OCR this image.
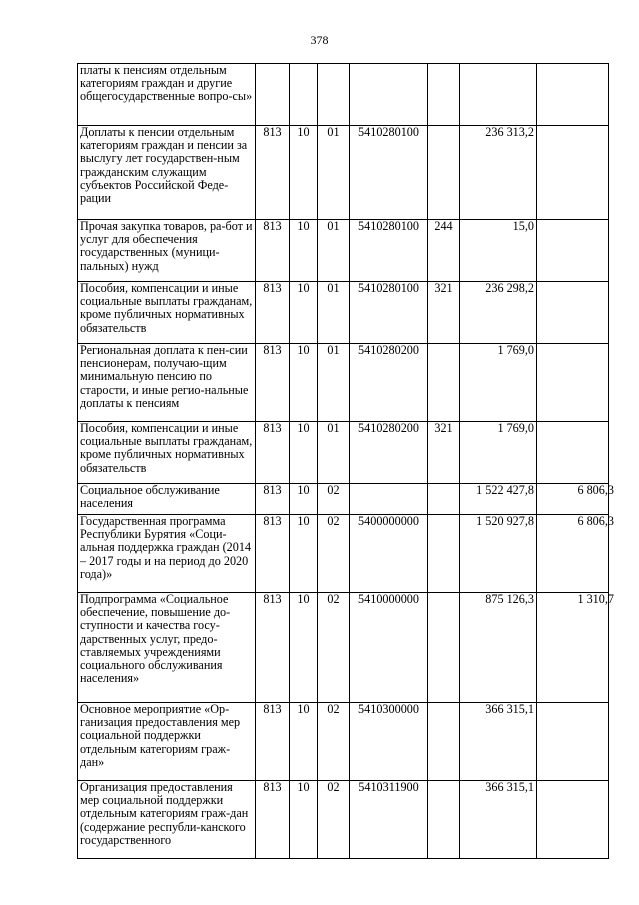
378
платы к пенсиям отдельным категориям граждан и другие общегосударственные вопро-сы»							
Доплаты к пенсии отдельным категориям граждан и пенсии за выслугу лет государствен-ным гражданским служащим субъектов Российской Феде-рации	813	10	01	5410280100		236 313,2	
Прочая закупка товаров, ра-бот и услуг для обеспечения государственных (муници-пальных) нужд	813	10	01	5410280100	244	15,0	
Пособия, компенсации и иные социальные выплаты гражданам, кроме публичных нормативных обязательств	813	10	01	5410280100	321	236 298,2	
Региональная доплата к пен-сии пенсионерам, получаю-щим минимальную пенсию по старости, и иные регио-нальные доплаты к пенсиям	813	10	01	5410280200		1 769,0	
Пособия, компенсации и иные социальные выплаты гражданам, кроме публичных нормативных обязательств	813	10	01	5410280200	321	1 769,0	
Социальное обслуживание населения	813	10	02			1 522 427,8	6 806,3
Государственная программа Республики Бурятия «Соци-альная поддержка граждан (2014 – 2017 годы и на период до 2020 года)»	813	10	02	5400000000		1 520 927,8	6 806,3
Подпрограмма «Социальное обеспечение, повышение до-ступности и качества госу-дарственных услуг, предо-ставляемых учреждениями социального обслуживания населения»	813	10	02	5410000000		875 126,3	1 310,7
Основное мероприятие «Ор-ганизация предоставления мер социальной поддержки отдельным категориям граж-дан»	813	10	02	5410300000		366 315,1	
Организация предоставления мер социальной поддержки отдельным категориям граж-дан (содержание республи-канского государственного	813	10	02	5410311900		366 315,1	
